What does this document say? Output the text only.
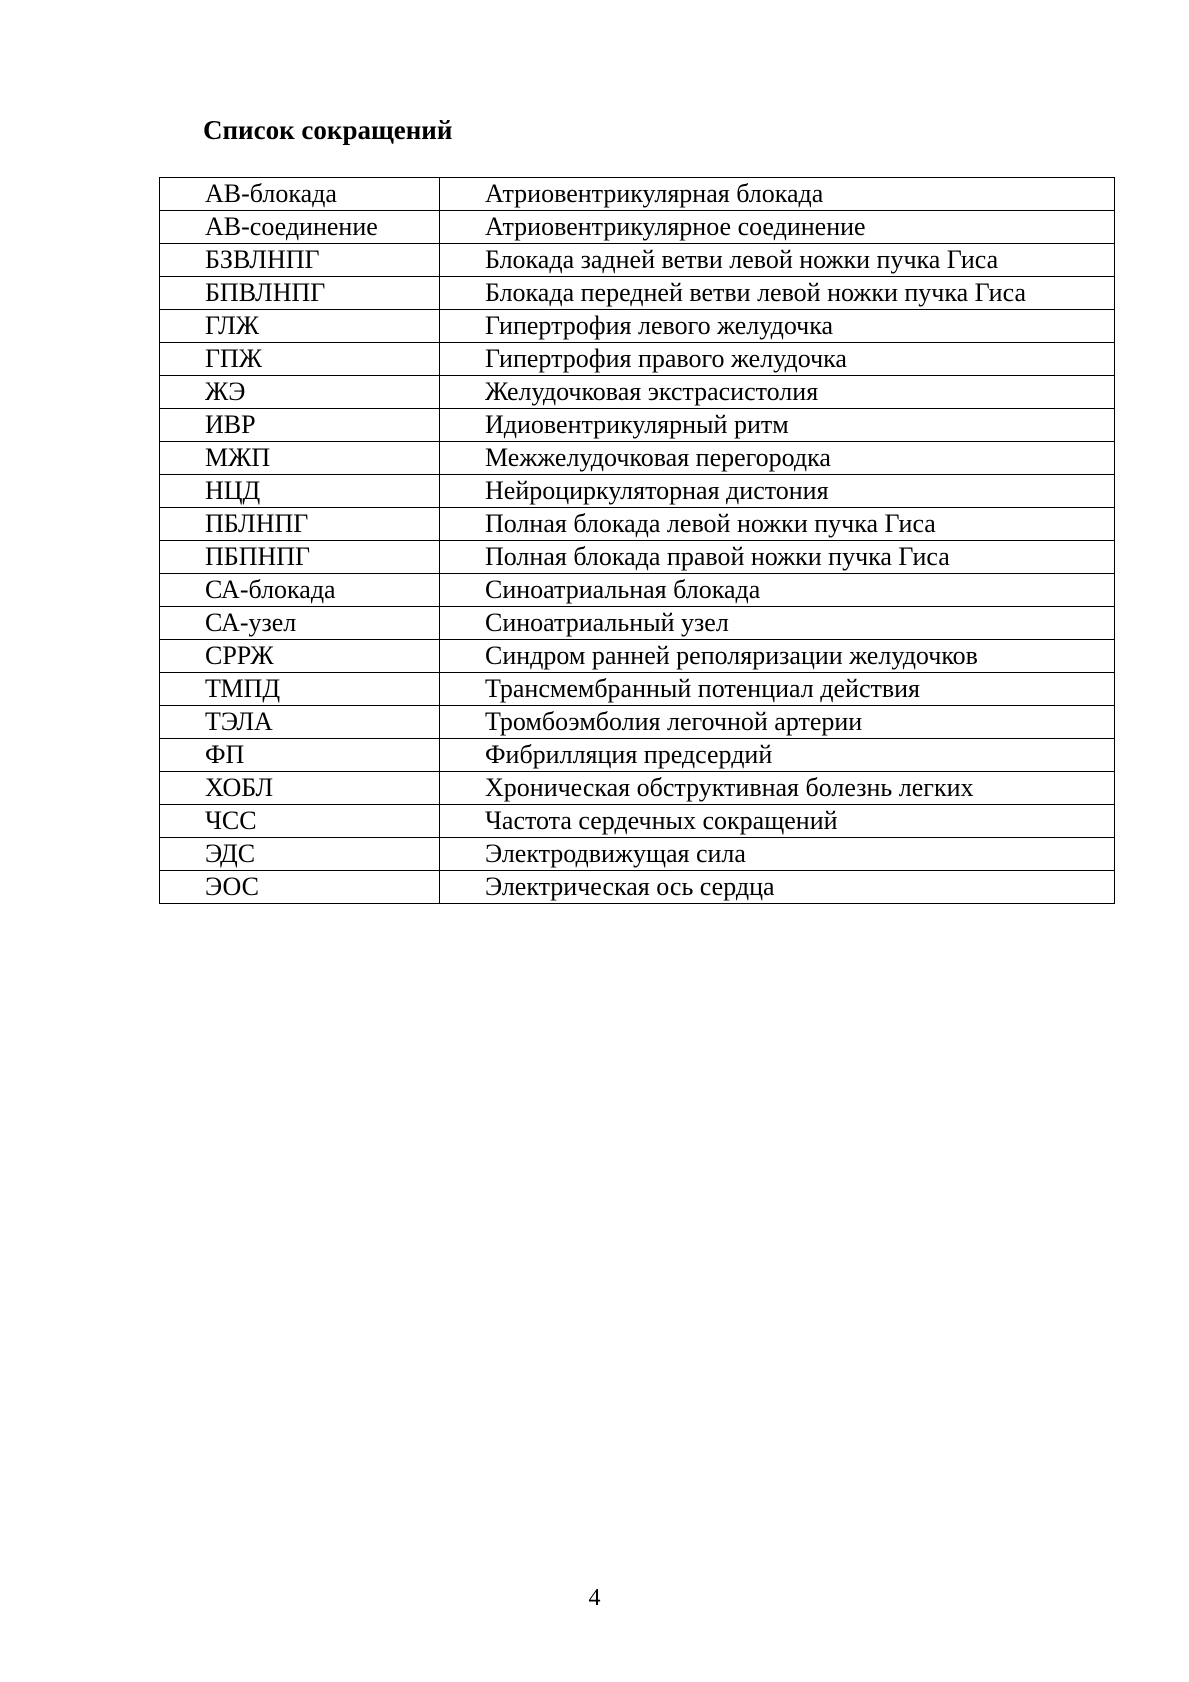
Список сокращений
АВ-блокада	Атриовентрикулярная блокада
АВ-соединение	Атриовентрикулярное соединение
БЗВЛНПГ	Блокада задней ветви левой ножки пучка Гиса
БПВЛНПГ	Блокада передней ветви левой ножки пучка Гиса
ГЛЖ	Гипертрофия левого желудочка
ГПЖ	Гипертрофия правого желудочка
ЖЭ	Желудочковая экстрасистолия
ИВР	Идиовентрикулярный ритм
МЖП	Межжелудочковая перегородка
НЦД	Нейроциркуляторная дистония
ПБЛНПГ	Полная блокада левой ножки пучка Гиса
ПБПНПГ	Полная блокада правой ножки пучка Гиса
СА-блокада	Синоатриальная блокада
СА-узел	Синоатриальный узел
СРРЖ	Синдром ранней реполяризации желудочков
ТМПД	Трансмембранный потенциал действия
ТЭЛА	Тромбоэмболия легочной артерии
ФП	Фибрилляция предсердий
ХОБЛ	Хроническая обструктивная болезнь легких
ЧСС	Частота сердечных сокращений
ЭДС	Электродвижущая сила
ЭОС	Электрическая ось сердца
4
